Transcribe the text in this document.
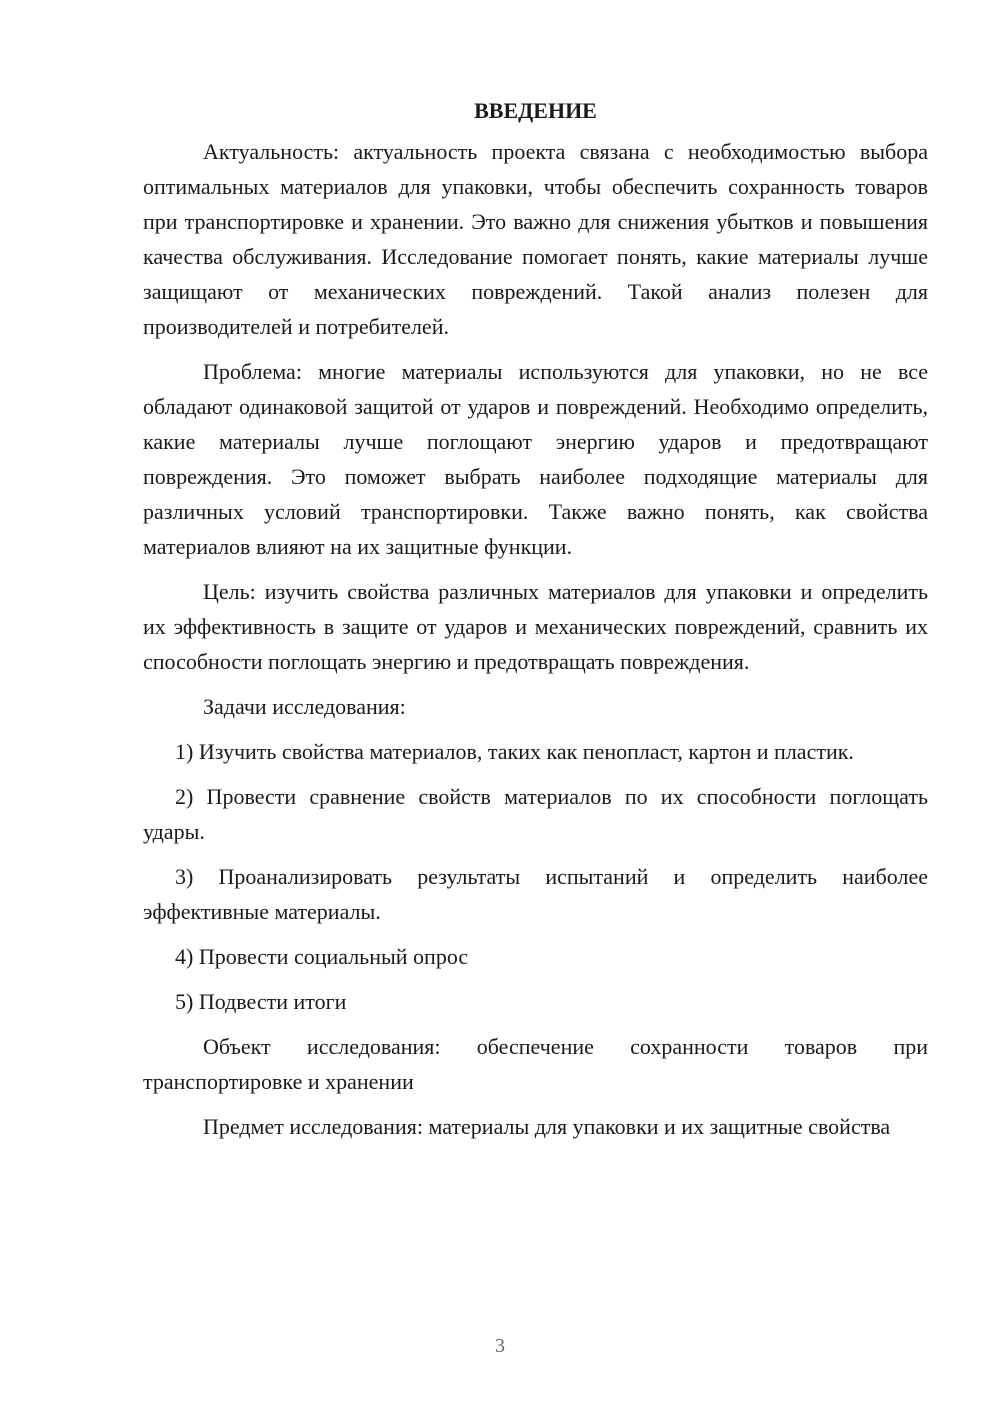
ВВЕДЕНИЕ

Актуальность: актуальность проекта связана с необходимостью выбора оптимальных материалов для упаковки, чтобы обеспечить сохранность товаров при транспортировке и хранении. Это важно для снижения убытков и повышения качества обслуживания. Исследование помогает понять, какие материалы лучше защищают от механических повреждений. Такой анализ полезен для производителей и потребителей.

Проблема: многие материалы используются для упаковки, но не все обладают одинаковой защитой от ударов и повреждений. Необходимо определить, какие материалы лучше поглощают энергию ударов и предотвращают повреждения. Это поможет выбрать наиболее подходящие материалы для различных условий транспортировки. Также важно понять, как свойства материалов влияют на их защитные функции.

Цель: изучить свойства различных материалов для упаковки и определить их эффективность в защите от ударов и механических повреждений, сравнить их способности поглощать энергию и предотвращать повреждения.

Задачи исследования:

1) Изучить свойства материалов, таких как пенопласт, картон и пластик.

2) Провести сравнение свойств материалов по их способности поглощать удары.

3) Проанализировать результаты испытаний и определить наиболее эффективные материалы.

4) Провести социальный опрос

5) Подвести итоги

Объект исследования: обеспечение сохранности товаров при транспортировке и хранении

Предмет исследования: материалы для упаковки и их защитные свойства

3
